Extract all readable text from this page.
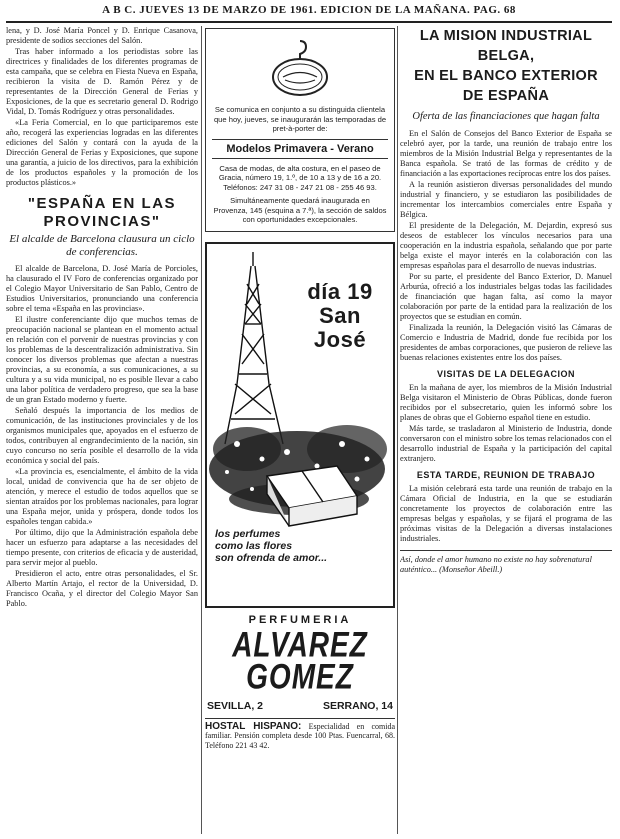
A B C. JUEVES 13 DE MARZO DE 1961. EDICION DE LA MAÑANA. PAG. 68

lena, y D. José María Poncel y D. Enrique Casanova, presidente de sodios secciones del Salón.

Tras haber informado a los periodistas sobre las directrices y finalidades de los diferentes programas de esta campaña, que se celebra en Fiesta Nueva en España, recibieron la visita de D. Ramón Pérez y de representantes de la Dirección General de Ferias y Exposiciones, de la que es secretario general D. Rodrigo Vidal, D. Tomás Rodríguez y otras personalidades.

«La Feria Comercial, en lo que participaremos este año, recogerá las experiencias logradas en las diferentes ediciones del Salón y contará con la ayuda de la Dirección General de Ferias y Exposiciones, que supone una garantía, a juicio de los directivos, para la exhibición de los productos españoles y la promoción de los productos plásticos.»

"ESPAÑA EN LAS PROVINCIAS"
El alcalde de Barcelona clausura un ciclo de conferencias.

El alcalde de Barcelona, D. José María de Porcioles, ha clausurado el IV Foro de conferencias organizado por el Colegio Mayor Universitario de San Pablo, Centro de Estudios Universitarios, pronunciando una conferencia sobre el tema «España en las provincias».

El ilustre conferenciante dijo que muchos temas de preocupación nacional se plantean en el momento actual en relación con el porvenir de nuestras provincias y con los problemas de la descentralización administrativa. Sin conocer los diversos problemas que afectan a nuestras provincias, a su economía, a sus comunicaciones, a su cultura y a su vida municipal, no es posible llevar a cabo una labor política de verdadero progreso, que sea la base de un gran Estado moderno y fuerte.

Señaló después la importancia de los medios de comunicación, de las instituciones provinciales y de los organismos municipales que, apoyados en el esfuerzo de todos, contribuyen al engrandecimiento de la nación, sin cuyo concurso no sería posible el desarrollo de la vida económica y social del país.

«La provincia es, esencialmente, el ámbito de la vida local, unidad de convivencia que ha de ser objeto de atención, y merece el estudio de todos aquellos que se sientan atraídos por los problemas nacionales, para lograr una España mejor, unida y próspera, donde todos los españoles tengan cabida.»

Por último, dijo que la Administración española debe hacer un esfuerzo para adaptarse a las necesidades del tiempo presente, con criterios de eficacia y de austeridad, para servir mejor al pueblo.

Presidieron el acto, entre otras personalidades, el Sr. Alberto Martín Artajo, el rector de la Universidad, D. Francisco Ocaña, y el director del Colegio Mayor San Pablo.

Se comunica en conjunto a su distinguida clientela que hoy, jueves, se inaugurarán las temporadas de pret-à-porter de:
Modelos Primavera - Verano
Casa de modas, de alta costura, en el paseo de Gracia, número 19, 1.º, de 10 a 13 y de 16 a 20. Teléfonos: 247 31 08 - 247 21 08 - 255 46 93.
Simultáneamente quedará inaugurada en Provenza, 145 (esquina a 7.ª), la sección de saldos con oportunidades excepcionales.
día 19
San José
los perfumes
como las flores
son ofrenda de amor...
PERFUMERIA
ALVAREZ
GOMEZ
SEVILLA, 2	SERRANO, 14
HOSTAL HISPANO: Especialidad en comida familiar. Pensión completa desde 100 Ptas. Fuencarral, 68. Teléfono 221 43 42.
LA MISION INDUSTRIAL BELGA,
EN EL BANCO EXTERIOR
DE ESPAÑA
Oferta de las financiaciones que hagan falta

En el Salón de Consejos del Banco Exterior de España se celebró ayer, por la tarde, una reunión de trabajo entre los miembros de la Misión Industrial Belga y representantes de la Banca española. Se trató de las formas de crédito y de financiación a las exportaciones recíprocas entre los dos países.

A la reunión asistieron diversas personalidades del mundo industrial y financiero, y se estudiaron las posibilidades de incrementar los intercambios comerciales entre España y Bélgica.

El presidente de la Delegación, M. Dejardin, expresó sus deseos de establecer los vínculos necesarios para una cooperación en la industria española, señalando que por parte belga existe el mayor interés en la colaboración con las empresas españolas para el desarrollo de nuevas industrias.

Por su parte, el presidente del Banco Exterior, D. Manuel Arburúa, ofreció a los industriales belgas todas las facilidades de financiación que hagan falta, así como la mayor colaboración por parte de la entidad para la realización de los proyectos que se estudian en común.

Finalizada la reunión, la Delegación visitó las Cámaras de Comercio e Industria de Madrid, donde fue recibida por los presidentes de ambas corporaciones, que pusieron de relieve las buenas relaciones existentes entre los dos países.

VISITAS DE LA DELEGACION

En la mañana de ayer, los miembros de la Misión Industrial Belga visitaron el Ministerio de Obras Públicas, donde fueron recibidos por el subsecretario, quien les informó sobre los planes de obras que el Gobierno español tiene en estudio.

Más tarde, se trasladaron al Ministerio de Industria, donde conversaron con el ministro sobre los temas relacionados con el desarrollo industrial de España y la participación del capital extranjero.

ESTA TARDE, REUNION DE TRABAJO

La misión celebrará esta tarde una reunión de trabajo en la Cámara Oficial de Industria, en la que se estudiarán concretamente los proyectos de colaboración entre las empresas belgas y españolas, y se fijará el programa de las próximas visitas de la Delegación a diversas instalaciones industriales.

Así, donde el amor humano no existe no hay sobrenatural auténtico... (Monseñor Abeill.)
